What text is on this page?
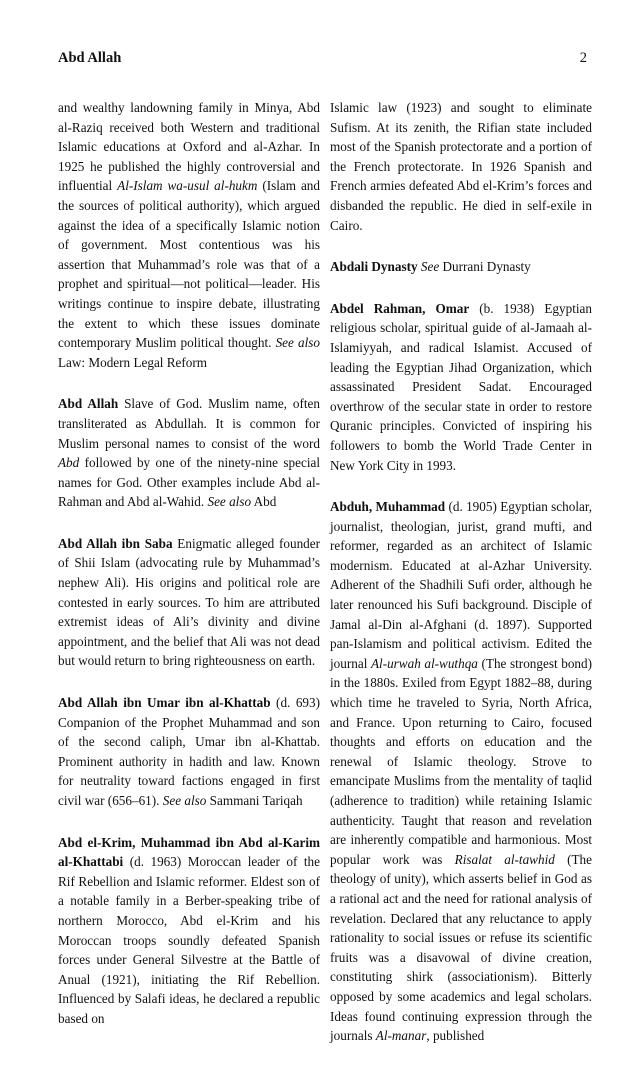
Abd Allah	2

and wealthy landowning family in Minya, Abd al-Raziq received both Western and traditional Islamic educations at Oxford and al-Azhar. In 1925 he published the highly controversial and influential Al-Islam wa-usul al-hukm (Islam and the sources of political authority), which argued against the idea of a specifically Islamic notion of government. Most contentious was his assertion that Muhammad’s role was that of a prophet and spiritual—not political—leader. His writings continue to inspire debate, illustrating the extent to which these issues dominate contemporary Muslim political thought. See also Law: Modern Legal Reform

Abd Allah Slave of God. Muslim name, often transliterated as Abdullah. It is common for Muslim personal names to consist of the word Abd followed by one of the ninety-nine special names for God. Other examples include Abd al-Rahman and Abd al-Wahid. See also Abd

Abd Allah ibn Saba Enigmatic alleged founder of Shii Islam (advocating rule by Muhammad’s nephew Ali). His origins and political role are contested in early sources. To him are attributed extremist ideas of Ali’s divinity and divine appointment, and the belief that Ali was not dead but would return to bring righteousness on earth.

Abd Allah ibn Umar ibn al-Khattab (d. 693) Companion of the Prophet Muhammad and son of the second caliph, Umar ibn al-Khattab. Prominent authority in hadith and law. Known for neutrality toward factions engaged in first civil war (656–61). See also Sammani Tariqah

Abd el-Krim, Muhammad ibn Abd al-Karim al-Khattabi (d. 1963) Moroccan leader of the Rif Rebellion and Islamic reformer. Eldest son of a notable family in a Berber-speaking tribe of northern Morocco, Abd el-Krim and his Moroccan troops soundly defeated Spanish forces under General Silvestre at the Battle of Anual (1921), initiating the Rif Rebellion. Influenced by Salafi ideas, he declared a republic based on

Islamic law (1923) and sought to eliminate Sufism. At its zenith, the Rifian state included most of the Spanish protectorate and a portion of the French protectorate. In 1926 Spanish and French armies defeated Abd el-Krim’s forces and disbanded the republic. He died in self-exile in Cairo.

Abdali Dynasty See Durrani Dynasty

Abdel Rahman, Omar (b. 1938) Egyptian religious scholar, spiritual guide of al-Jamaah al-Islamiyyah, and radical Islamist. Accused of leading the Egyptian Jihad Organization, which assassinated President Sadat. Encouraged overthrow of the secular state in order to restore Quranic principles. Convicted of inspiring his followers to bomb the World Trade Center in New York City in 1993.

Abduh, Muhammad (d. 1905) Egyptian scholar, journalist, theologian, jurist, grand mufti, and reformer, regarded as an architect of Islamic modernism. Educated at al-Azhar University. Adherent of the Shadhili Sufi order, although he later renounced his Sufi background. Disciple of Jamal al-Din al-Afghani (d. 1897). Supported pan-Islamism and political activism. Edited the journal Al-urwah al-wuthqa (The strongest bond) in the 1880s. Exiled from Egypt 1882–88, during which time he traveled to Syria, North Africa, and France. Upon returning to Cairo, focused thoughts and efforts on education and the renewal of Islamic theology. Strove to emancipate Muslims from the mentality of taqlid (adherence to tradition) while retaining Islamic authenticity. Taught that reason and revelation are inherently compatible and harmonious. Most popular work was Risalat al-tawhid (The theology of unity), which asserts belief in God as a rational act and the need for rational analysis of revelation. Declared that any reluctance to apply rationality to social issues or refuse its scientific fruits was a disavowal of divine creation, constituting shirk (associationism). Bitterly opposed by some academics and legal scholars. Ideas found continuing expression through the journals Al-manar, published
